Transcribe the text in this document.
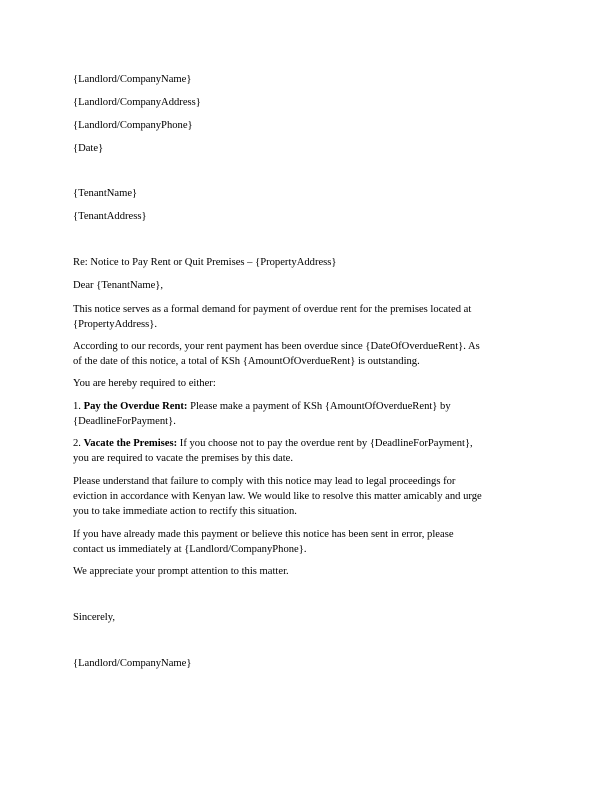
{Landlord/CompanyName}
{Landlord/CompanyAddress}
{Landlord/CompanyPhone}
{Date}
{TenantName}
{TenantAddress}
Re: Notice to Pay Rent or Quit Premises – {PropertyAddress}
Dear {TenantName},
This notice serves as a formal demand for payment of overdue rent for the premises located at
{PropertyAddress}.
According to our records, your rent payment has been overdue since {DateOfOverdueRent}. As
of the date of this notice, a total of KSh {AmountOfOverdueRent} is outstanding.
You are hereby required to either:
1. Pay the Overdue Rent: Please make a payment of KSh {AmountOfOverdueRent} by
{DeadlineForPayment}.
2. Vacate the Premises: If you choose not to pay the overdue rent by {DeadlineForPayment},
you are required to vacate the premises by this date.
Please understand that failure to comply with this notice may lead to legal proceedings for
eviction in accordance with Kenyan law. We would like to resolve this matter amicably and urge
you to take immediate action to rectify this situation.
If you have already made this payment or believe this notice has been sent in error, please
contact us immediately at {Landlord/CompanyPhone}.
We appreciate your prompt attention to this matter.
Sincerely,
{Landlord/CompanyName}
